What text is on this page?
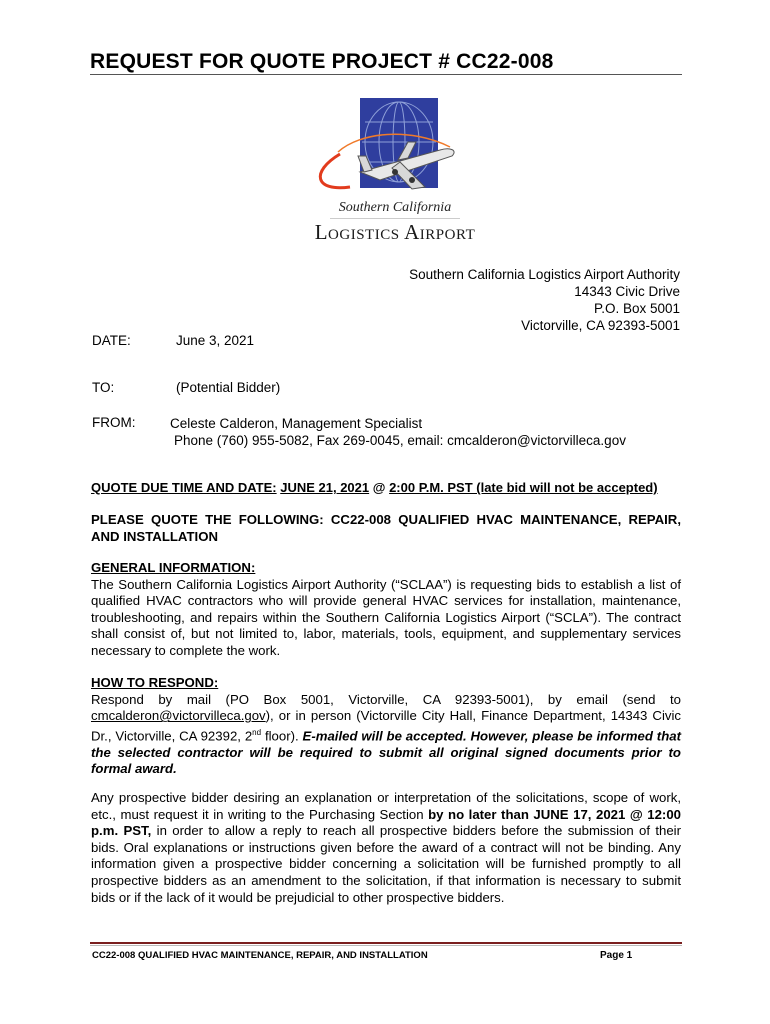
REQUEST FOR QUOTE PROJECT # CC22-008
Southern California
Logistics Airport
Southern California Logistics Airport Authority
14343 Civic Drive
P.O. Box 5001
Victorville, CA 92393-5001
DATE:	June 3, 2021
TO:	(Potential Bidder)
FROM:	Celeste Calderon, Management Specialist
Phone (760) 955-5082, Fax 269-0045, email: cmcalderon@victorvilleca.gov
QUOTE DUE TIME AND DATE: JUNE 21, 2021 @ 2:00 P.M. PST (late bid will not be accepted)
PLEASE QUOTE THE FOLLOWING: CC22-008 QUALIFIED HVAC MAINTENANCE, REPAIR, AND INSTALLATION
GENERAL INFORMATION:
The Southern California Logistics Airport Authority (“SCLAA”) is requesting bids to establish a list of qualified HVAC contractors who will provide general HVAC services for installation, maintenance, troubleshooting, and repairs within the Southern California Logistics Airport (“SCLA”). The contract shall consist of, but not limited to, labor, materials, tools, equipment, and supplementary services necessary to complete the work.
HOW TO RESPOND:
Respond by mail (PO Box 5001, Victorville, CA 92393-5001), by email (send to cmcalderon@victorvilleca.gov), or in person (Victorville City Hall, Finance Department, 14343 Civic Dr., Victorville, CA 92392, 2nd floor). E-mailed will be accepted. However, please be informed that the selected contractor will be required to submit all original signed documents prior to formal award.
Any prospective bidder desiring an explanation or interpretation of the solicitations, scope of work, etc., must request it in writing to the Purchasing Section by no later than JUNE 17, 2021 @ 12:00 p.m. PST, in order to allow a reply to reach all prospective bidders before the submission of their bids. Oral explanations or instructions given before the award of a contract will not be binding. Any information given a prospective bidder concerning a solicitation will be furnished promptly to all prospective bidders as an amendment to the solicitation, if that information is necessary to submit bids or if the lack of it would be prejudicial to other prospective bidders.
CC22-008 QUALIFIED HVAC MAINTENANCE, REPAIR, AND INSTALLATION	Page 1
